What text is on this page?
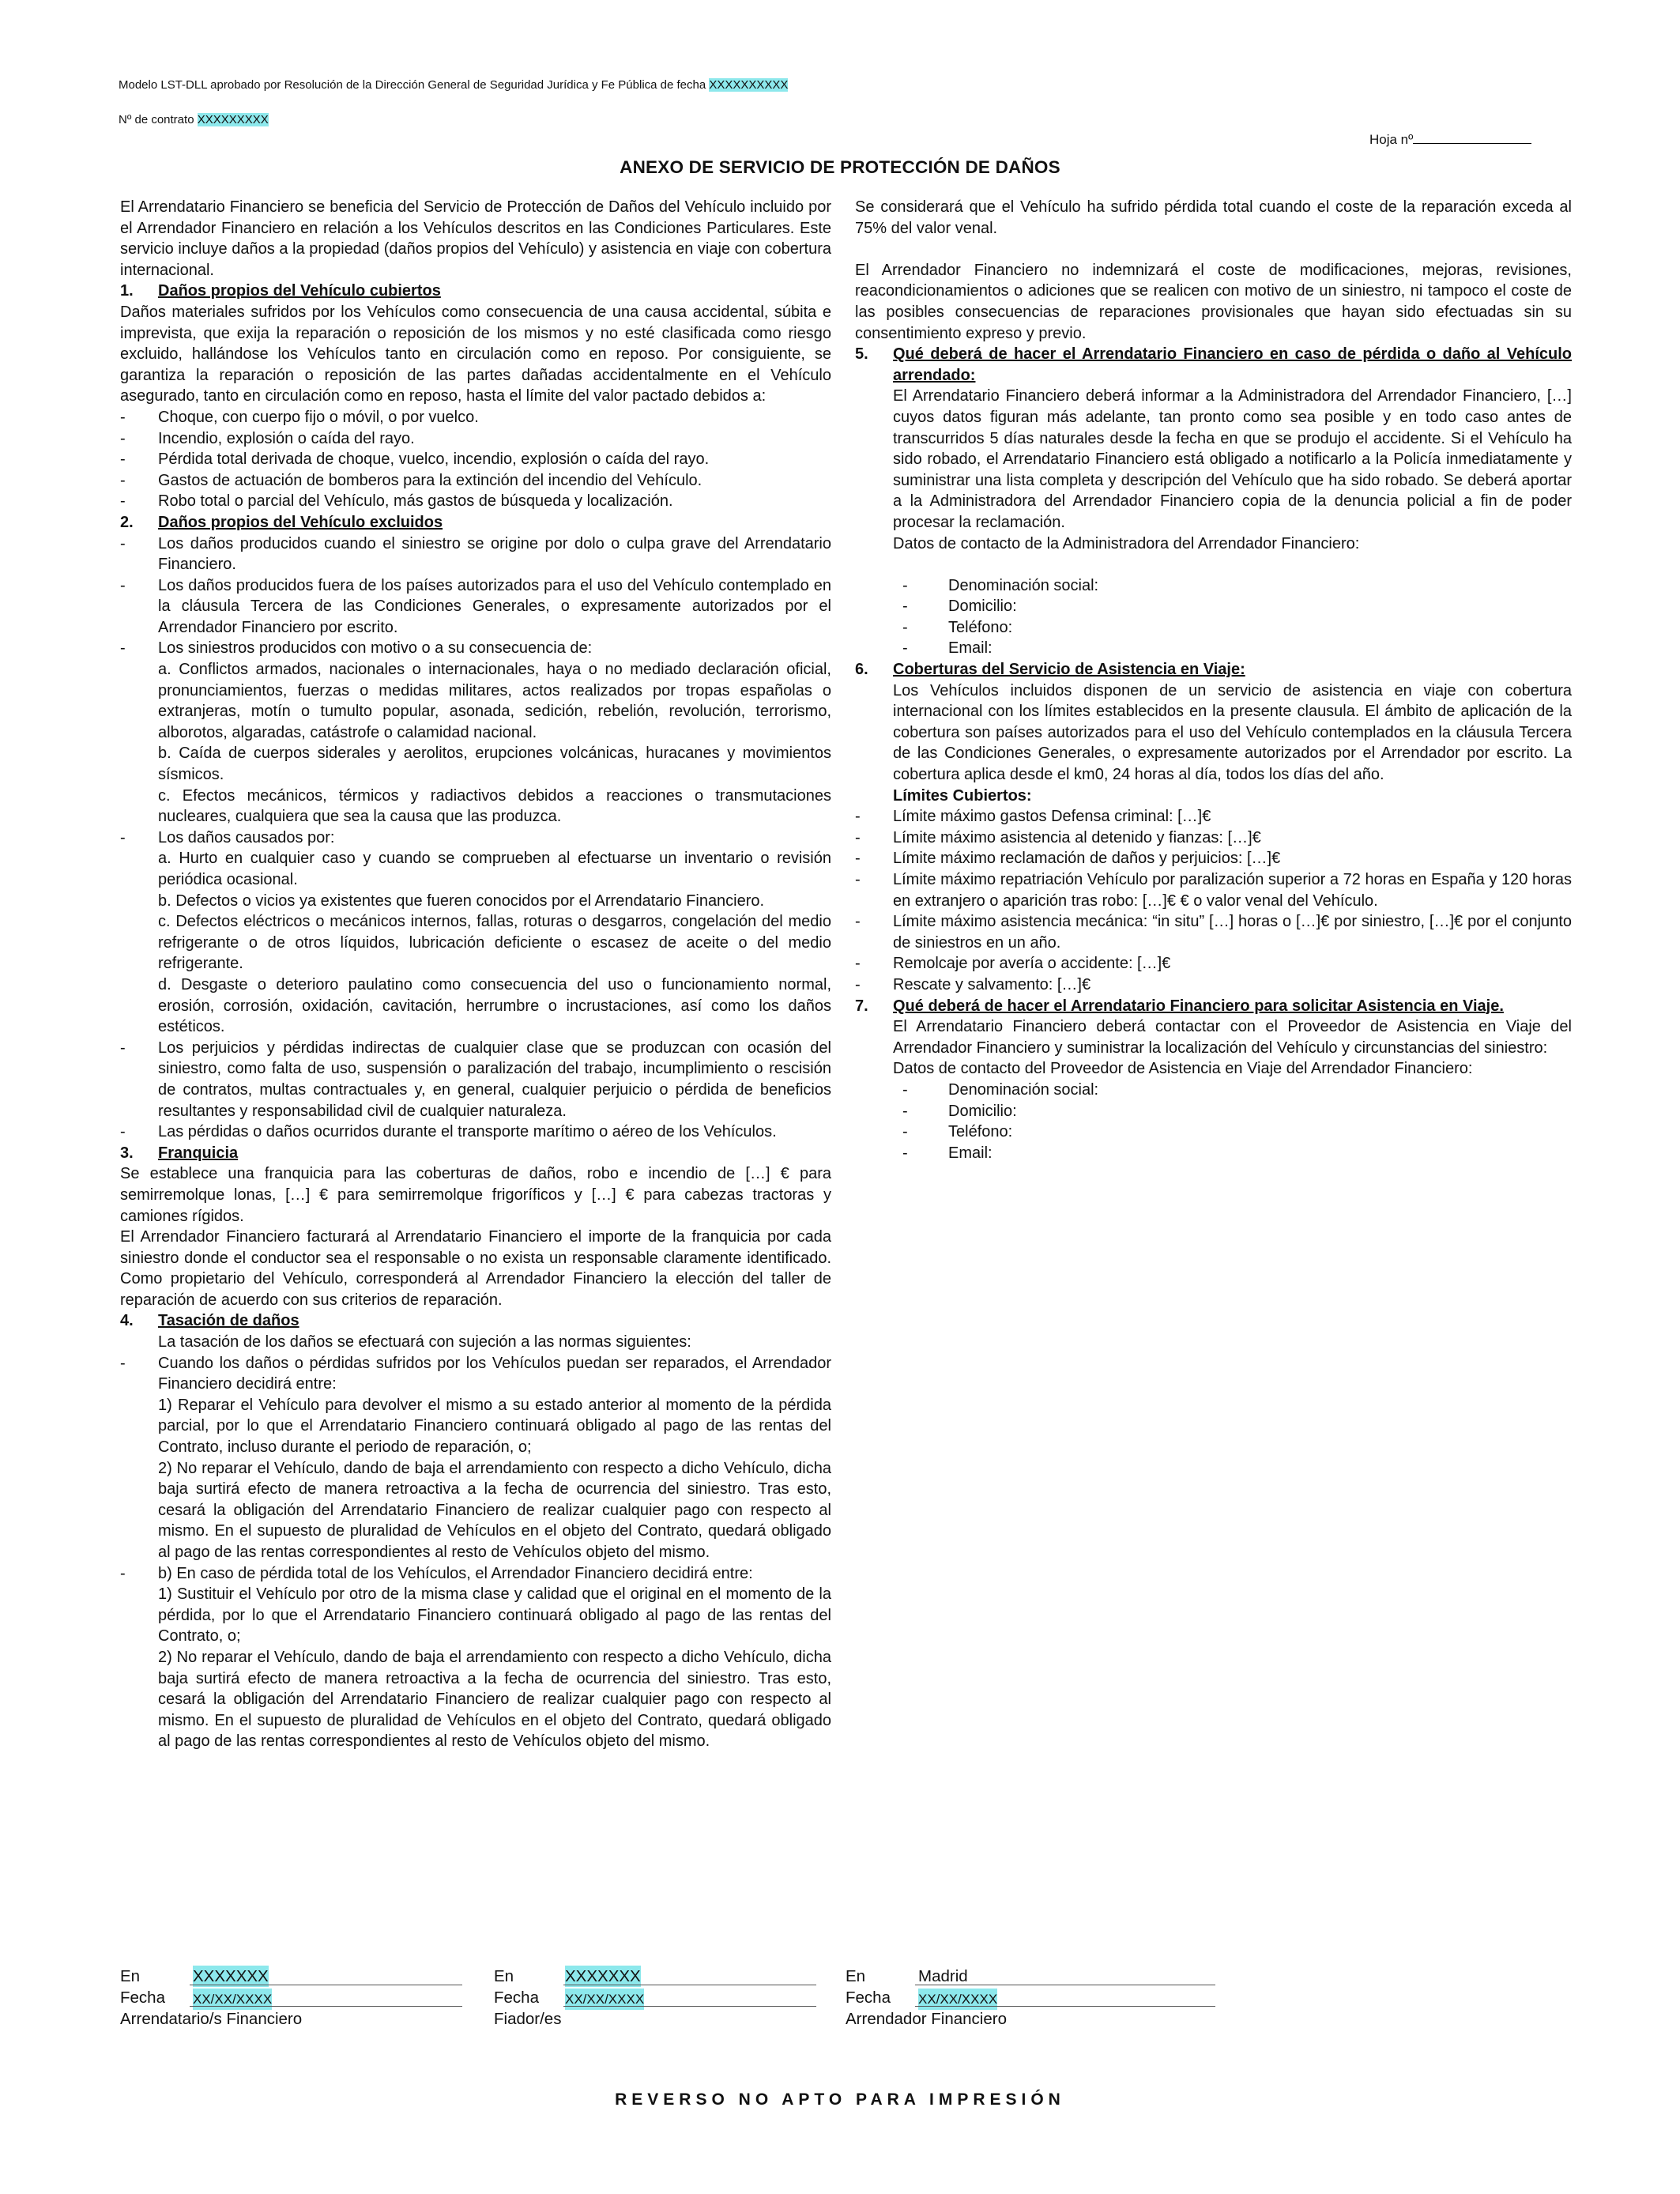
Modelo LST-DLL aprobado por Resolución de la Dirección General de Seguridad Jurídica y Fe Pública de fecha XXXXXXXXXX
Nº de contrato XXXXXXXXX
Hoja nº
ANEXO DE SERVICIO DE PROTECCIÓN DE DAÑOS

El Arrendatario Financiero se beneficia del Servicio de Protección de Daños del Vehículo incluido por el Arrendador Financiero en relación a los Vehículos descritos en las Condiciones Particulares. Este servicio incluye daños a la propiedad (daños propios del Vehículo) y asistencia en viaje con cobertura internacional.

1. Daños propios del Vehículo cubiertos

Daños materiales sufridos por los Vehículos como consecuencia de una causa accidental, súbita e imprevista, que exija la reparación o reposición de los mismos y no esté clasificada como riesgo excluido, hallándose los Vehículos tanto en circulación como en reposo. Por consiguiente, se garantiza la reparación o reposición de las partes dañadas accidentalmente en el Vehículo asegurado, tanto en circulación como en reposo, hasta el límite del valor pactado debidos a:

- Choque, con cuerpo fijo o móvil, o por vuelco.
- Incendio, explosión o caída del rayo.
- Pérdida total derivada de choque, vuelco, incendio, explosión o caída del rayo.
- Gastos de actuación de bomberos para la extinción del incendio del Vehículo.
- Robo total o parcial del Vehículo, más gastos de búsqueda y localización.
2. Daños propios del Vehículo excluidos
- Los daños producidos cuando el siniestro se origine por dolo o culpa grave del Arrendatario Financiero.
- Los daños producidos fuera de los países autorizados para el uso del Vehículo contemplado en la cláusula Tercera de las Condiciones Generales, o expresamente autorizados por el Arrendador Financiero por escrito.
- Los siniestros producidos con motivo o a su consecuencia de:

a. Conflictos armados, nacionales o internacionales, haya o no mediado declaración oficial, pronunciamientos, fuerzas o medidas militares, actos realizados por tropas españolas o extranjeras, motín o tumulto popular, asonada, sedición, rebelión, revolución, terrorismo, alborotos, algaradas, catástrofe o calamidad nacional.

b. Caída de cuerpos siderales y aerolitos, erupciones volcánicas, huracanes y movimientos sísmicos.

c. Efectos mecánicos, térmicos y radiactivos debidos a reacciones o transmutaciones nucleares, cualquiera que sea la causa que las produzca.

- Los daños causados por:

a. Hurto en cualquier caso y cuando se comprueben al efectuarse un inventario o revisión periódica ocasional.

b. Defectos o vicios ya existentes que fueren conocidos por el Arrendatario Financiero.

c. Defectos eléctricos o mecánicos internos, fallas, roturas o desgarros, congelación del medio refrigerante o de otros líquidos, lubricación deficiente o escasez de aceite o del medio refrigerante.

d. Desgaste o deterioro paulatino como consecuencia del uso o funcionamiento normal, erosión, corrosión, oxidación, cavitación, herrumbre o incrustaciones, así como los daños estéticos.

- Los perjuicios y pérdidas indirectas de cualquier clase que se produzcan con ocasión del siniestro, como falta de uso, suspensión o paralización del trabajo, incumplimiento o rescisión de contratos, multas contractuales y, en general, cualquier perjuicio o pérdida de beneficios resultantes y responsabilidad civil de cualquier naturaleza.
- Las pérdidas o daños ocurridos durante el transporte marítimo o aéreo de los Vehículos.
3. Franquicia

Se establece una franquicia para las coberturas de daños, robo e incendio de […] € para semirremolque lonas, […] € para semirremolque frigoríficos y […] € para cabezas tractoras y camiones rígidos.

El Arrendador Financiero facturará al Arrendatario Financiero el importe de la franquicia por cada siniestro donde el conductor sea el responsable o no exista un responsable claramente identificado. Como propietario del Vehículo, corresponderá al Arrendador Financiero la elección del taller de reparación de acuerdo con sus criterios de reparación.

4. Tasación de daños

La tasación de los daños se efectuará con sujeción a las normas siguientes:

- Cuando los daños o pérdidas sufridos por los Vehículos puedan ser reparados, el Arrendador Financiero decidirá entre:

1) Reparar el Vehículo para devolver el mismo a su estado anterior al momento de la pérdida parcial, por lo que el Arrendatario Financiero continuará obligado al pago de las rentas del Contrato, incluso durante el periodo de reparación, o;

2) No reparar el Vehículo, dando de baja el arrendamiento con respecto a dicho Vehículo, dicha baja surtirá efecto de manera retroactiva a la fecha de ocurrencia del siniestro. Tras esto, cesará la obligación del Arrendatario Financiero de realizar cualquier pago con respecto al mismo. En el supuesto de pluralidad de Vehículos en el objeto del Contrato, quedará obligado al pago de las rentas correspondientes al resto de Vehículos objeto del mismo.

- b) En caso de pérdida total de los Vehículos, el Arrendador Financiero decidirá entre:

1) Sustituir el Vehículo por otro de la misma clase y calidad que el original en el momento de la pérdida, por lo que el Arrendatario Financiero continuará obligado al pago de las rentas del Contrato, o;

2) No reparar el Vehículo, dando de baja el arrendamiento con respecto a dicho Vehículo, dicha baja surtirá efecto de manera retroactiva a la fecha de ocurrencia del siniestro. Tras esto, cesará la obligación del Arrendatario Financiero de realizar cualquier pago con respecto al mismo. En el supuesto de pluralidad de Vehículos en el objeto del Contrato, quedará obligado al pago de las rentas correspondientes al resto de Vehículos objeto del mismo.

Se considerará que el Vehículo ha sufrido pérdida total cuando el coste de la reparación exceda al 75% del valor venal.

El Arrendador Financiero no indemnizará el coste de modificaciones, mejoras, revisiones, reacondicionamientos o adiciones que se realicen con motivo de un siniestro, ni tampoco el coste de las posibles consecuencias de reparaciones provisionales que hayan sido efectuadas sin su consentimiento expreso y previo.

5. Qué deberá de hacer el Arrendatario Financiero en caso de pérdida o daño al Vehículo arrendado:

El Arrendatario Financiero deberá informar a la Administradora del Arrendador Financiero, […] cuyos datos figuran más adelante, tan pronto como sea posible y en todo caso antes de transcurridos 5 días naturales desde la fecha en que se produjo el accidente. Si el Vehículo ha sido robado, el Arrendatario Financiero está obligado a notificarlo a la Policía inmediatamente y suministrar una lista completa y descripción del Vehículo que ha sido robado. Se deberá aportar a la Administradora del Arrendador Financiero copia de la denuncia policial a fin de poder procesar la reclamación.

Datos de contacto de la Administradora del Arrendador Financiero:

-	Denominación social:
-	Domicilio:
-	Teléfono:
-	Email:
6. Coberturas del Servicio de Asistencia en Viaje:

Los Vehículos incluidos disponen de un servicio de asistencia en viaje con cobertura internacional con los límites establecidos en la presente clausula. El ámbito de aplicación de la cobertura son países autorizados para el uso del Vehículo contemplados en la cláusula Tercera de las Condiciones Generales, o expresamente autorizados por el Arrendador por escrito. La cobertura aplica desde el km0, 24 horas al día, todos los días del año.

Límites Cubiertos:

- Límite máximo gastos Defensa criminal: […]€
- Límite máximo asistencia al detenido y fianzas: […]€
- Límite máximo reclamación de daños y perjuicios: […]€
- Límite máximo repatriación Vehículo por paralización superior a 72 horas en España y 120 horas en extranjero o aparición tras robo: […]€ € o valor venal del Vehículo.
- Límite máximo asistencia mecánica: “in situ” […] horas o […]€ por siniestro, […]€ por el conjunto de siniestros en un año.
- Remolcaje por avería o accidente: […]€
- Rescate y salvamento: […]€
7. Qué deberá de hacer el Arrendatario Financiero para solicitar Asistencia en Viaje.

El Arrendatario Financiero deberá contactar con el Proveedor de Asistencia en Viaje del Arrendador Financiero y suministrar la localización del Vehículo y circunstancias del siniestro:

Datos de contacto del Proveedor de Asistencia en Viaje del Arrendador Financiero:

-	Denominación social:
-	Domicilio:
-	Teléfono:
-	Email:
En	XXXXXXX
Fecha XX/XX/XXXX
Arrendatario/s Financiero
En	XXXXXXX
Fecha XX/XX/XXXX
Fiador/es
En	Madrid
Fecha XX/XX/XXXX
Arrendador Financiero
REVERSO NO APTO PARA IMPRESIÓN
